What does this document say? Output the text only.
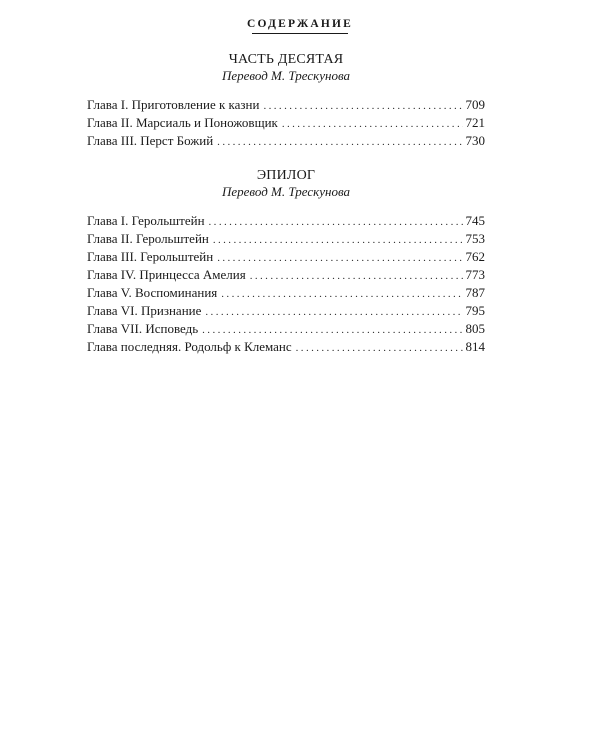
СОДЕРЖАНИЕ
ЧАСТЬ ДЕСЯТАЯ
Перевод М. Трескунова
Глава I. Приготовление к казни .....	709
Глава II. Марсиаль и Поножовщик .....	721
Глава III. Перст Божий .....	730
ЭПИЛОГ
Перевод М. Трескунова
Глава I. Герольштейн .....	745
Глава II. Герольштейн .....	753
Глава III. Герольштейн .....	762
Глава IV. Принцесса Амелия .....	773
Глава V. Воспоминания .....	787
Глава VI. Признание .....	795
Глава VII. Исповедь .....	805
Глава последняя. Родольф к Клеманс .....	814
